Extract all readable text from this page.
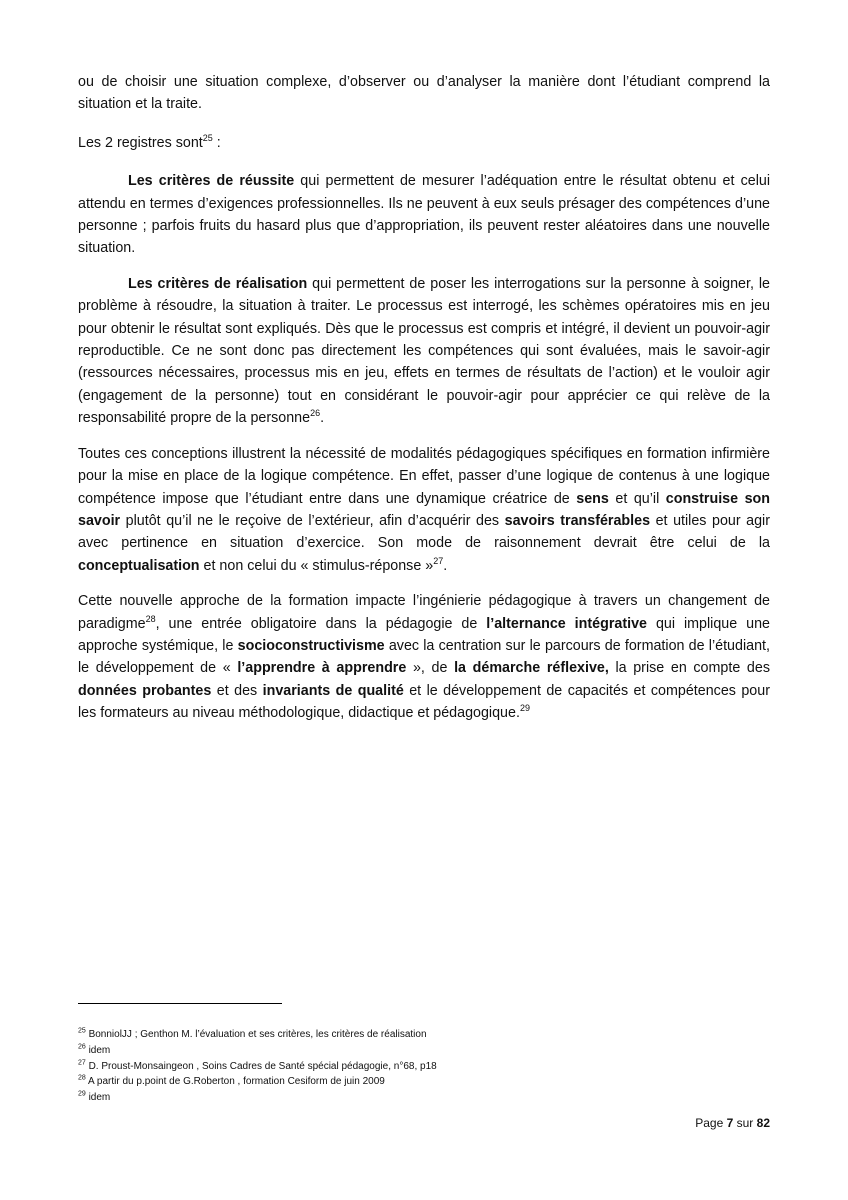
ou de choisir une situation complexe, d’observer ou d’analyser la manière dont l’étudiant comprend la situation et la traite.

Les 2 registres sont$^{25}$ :

Les critères de réussite qui permettent de mesurer l’adéquation entre le résultat obtenu et celui attendu en termes d’exigences professionnelles. Ils ne peuvent à eux seuls présager des compétences d’une personne ; parfois fruits du hasard plus que d’appropriation, ils peuvent rester aléatoires dans une nouvelle situation.

Les critères de réalisation qui permettent de poser les interrogations sur la personne à soigner, le problème à résoudre, la situation à traiter. Le processus est interrogé, les schèmes opératoires mis en jeu pour obtenir le résultat sont expliqués. Dès que le processus est compris et intégré, il devient un pouvoir-agir reproductible. Ce ne sont donc pas directement les compétences qui sont évaluées, mais le savoir-agir (ressources nécessaires, processus mis en jeu, effets en termes de résultats de l’action) et le vouloir agir (engagement de la personne) tout en considérant le pouvoir-agir pour apprécier ce qui relève de la responsabilité propre de la personne$^{26}$.

Toutes ces conceptions illustrent la nécessité de modalités pédagogiques spécifiques en formation infirmière pour la mise en place de la logique compétence. En effet, passer d’une logique de contenus à une logique compétence impose que l’étudiant entre dans une dynamique créatrice de sens et qu’il construise son savoir plutôt qu’il ne le reçoive de l’extérieur, afin d’acquérir des savoirs transférables et utiles pour agir avec pertinence en situation d’exercice. Son mode de raisonnement devrait être celui de la conceptualisation et non celui du « stimulus-réponse »$^{27}$.

Cette nouvelle approche de la formation impacte l’ingénierie pédagogique à travers un changement de paradigme$^{28}$, une entrée obligatoire dans la pédagogie de l’alternance intégrative qui implique une approche systémique, le socioconstructivisme avec la centration sur le parcours de formation de l’étudiant, le développement de « l’apprendre à apprendre », de la démarche réflexive, la prise en compte des données probantes et des invariants de qualité et le développement de capacités et compétences pour les formateurs au niveau méthodologique, didactique et pédagogique.$^{29}$

$^{25}$ BonniolJJ ; Genthon M. l’évaluation et ses critères, les critères de réalisation

$^{26}$ idem

$^{27}$ D. Proust-Monsaingeon , Soins Cadres de Santé spécial pédagogie, n°68, p18

$^{28}$ A partir du p.point de G.Roberton , formation Cesiform de juin 2009

$^{29}$ idem

Page 7 sur 82
